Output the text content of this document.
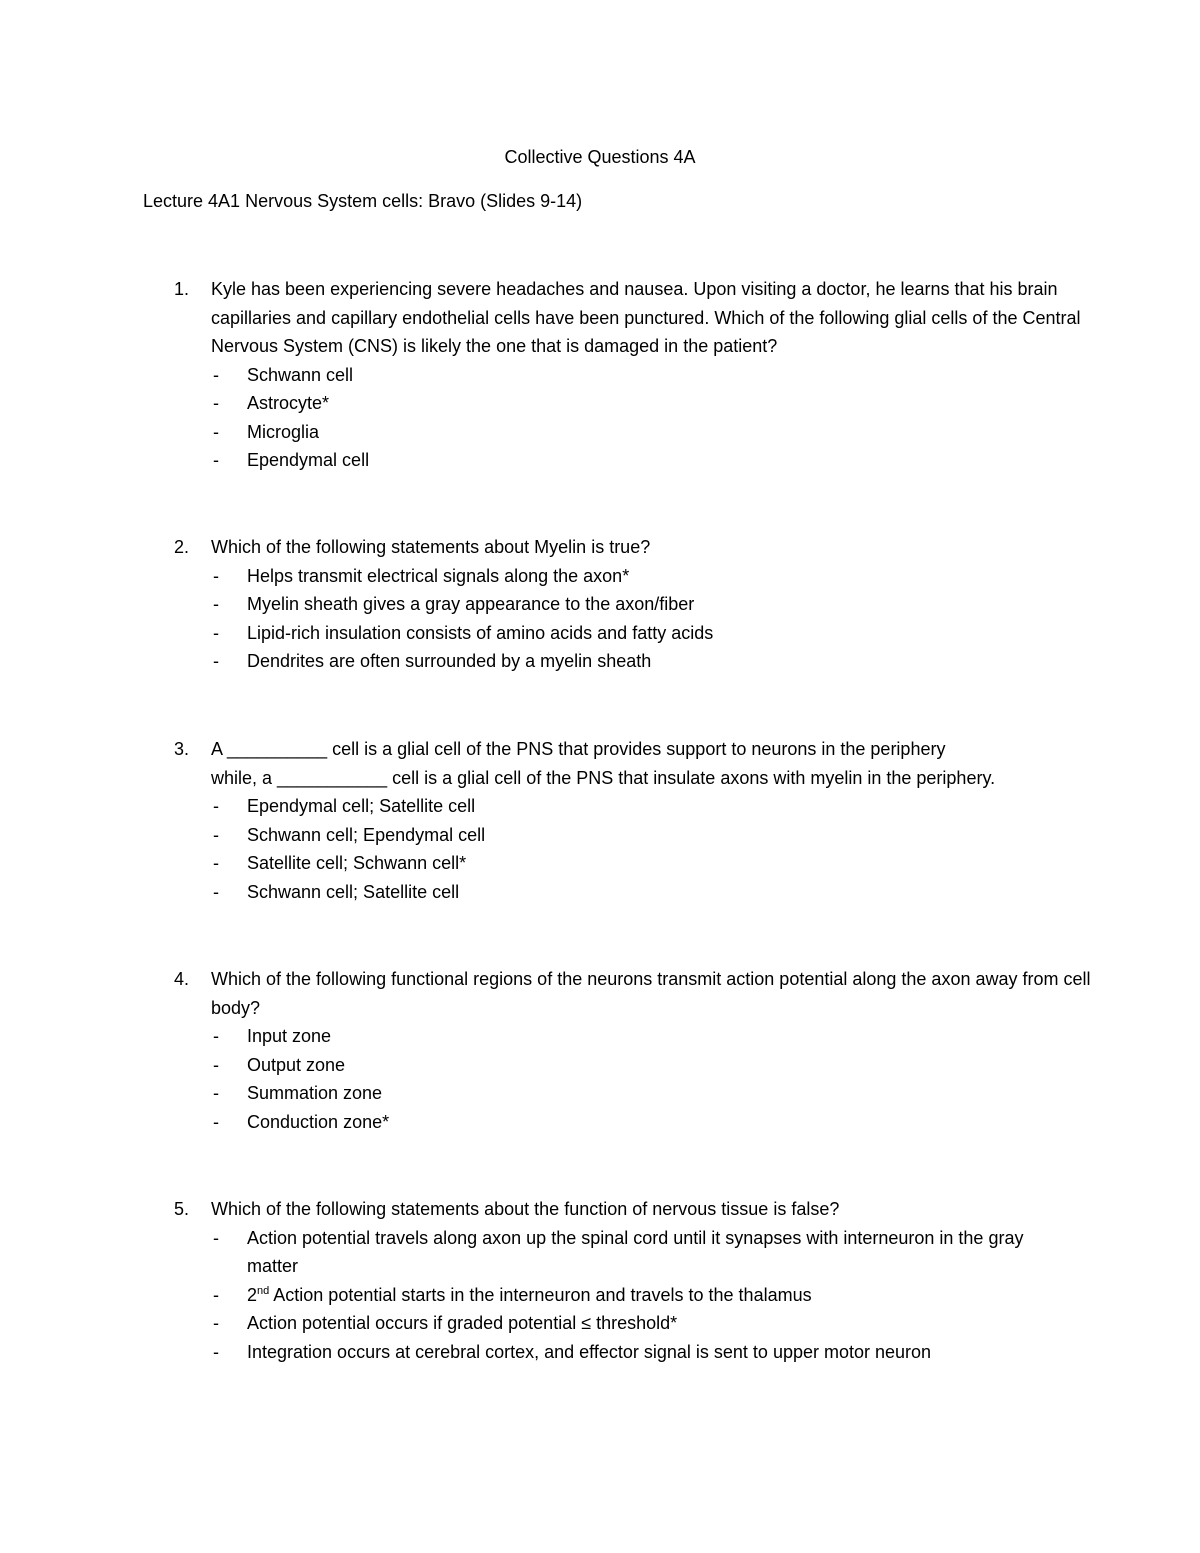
Collective Questions 4A
Lecture 4A1 Nervous System cells: Bravo (Slides 9-14)
1. Kyle has been experiencing severe headaches and nausea. Upon visiting a doctor, he learns that his brain capillaries and capillary endothelial cells have been punctured. Which of the following glial cells of the Central Nervous System (CNS) is likely the one that is damaged in the patient?
- Schwann cell
- Astrocyte*
- Microglia
- Ependymal cell
2. Which of the following statements about Myelin is true?
- Helps transmit electrical signals along the axon*
- Myelin sheath gives a gray appearance to the axon/fiber
- Lipid-rich insulation consists of amino acids and fatty acids
- Dendrites are often surrounded by a myelin sheath
3. A __________ cell is a glial cell of the PNS that provides support to neurons in the periphery
while, a ___________ cell is a glial cell of the PNS that insulate axons with myelin in the periphery.
- Ependymal cell; Satellite cell
- Schwann cell; Ependymal cell
- Satellite cell; Schwann cell*
- Schwann cell; Satellite cell
4. Which of the following functional regions of the neurons transmit action potential along the axon away from cell body?
- Input zone
- Output zone
- Summation zone
- Conduction zone*
5. Which of the following statements about the function of nervous tissue is false?
- Action potential travels along axon up the spinal cord until it synapses with interneuron in the gray matter
- 2nd Action potential starts in the interneuron and travels to the thalamus
- Action potential occurs if graded potential ≤ threshold*
- Integration occurs at cerebral cortex, and effector signal is sent to upper motor neuron
